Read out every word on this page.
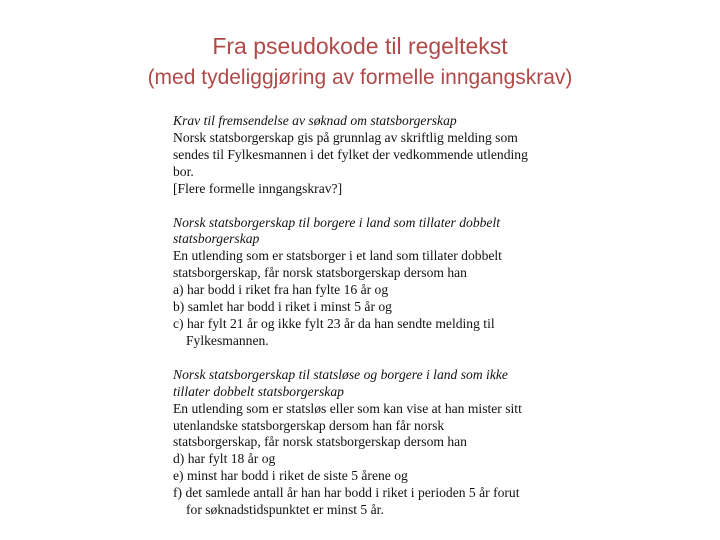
Fra pseudokode til regeltekst
(med tydeliggjøring av formelle inngangskrav)
Krav til fremsendelse av søknad om statsborgerskap
Norsk statsborgerskap gis på grunnlag av skriftlig melding som
sendes til Fylkesmannen i det fylket der vedkommende utlending
bor.
[Flere formelle inngangskrav?]
Norsk statsborgerskap til borgere i land som tillater dobbelt
statsborgerskap
En utlending som er statsborger i et land som tillater dobbelt
statsborgerskap, får norsk statsborgerskap dersom han
a) har bodd i riket fra han fylte 16 år og
b) samlet har bodd i riket i minst 5 år og
c) har fylt 21 år og ikke fylt 23 år da han sendte melding til
Fylkesmannen.
Norsk statsborgerskap til statsløse og borgere i land som ikke
tillater dobbelt statsborgerskap
En utlending som er statsløs eller som kan vise at han mister sitt
utenlandske statsborgerskap dersom han får norsk
statsborgerskap, får norsk statsborgerskap dersom han
d) har fylt 18 år og
e) minst har bodd i riket de siste 5 årene og
f) det samlede antall år han har bodd i riket i perioden 5 år forut
for søknadstidspunktet er minst 5 år.
